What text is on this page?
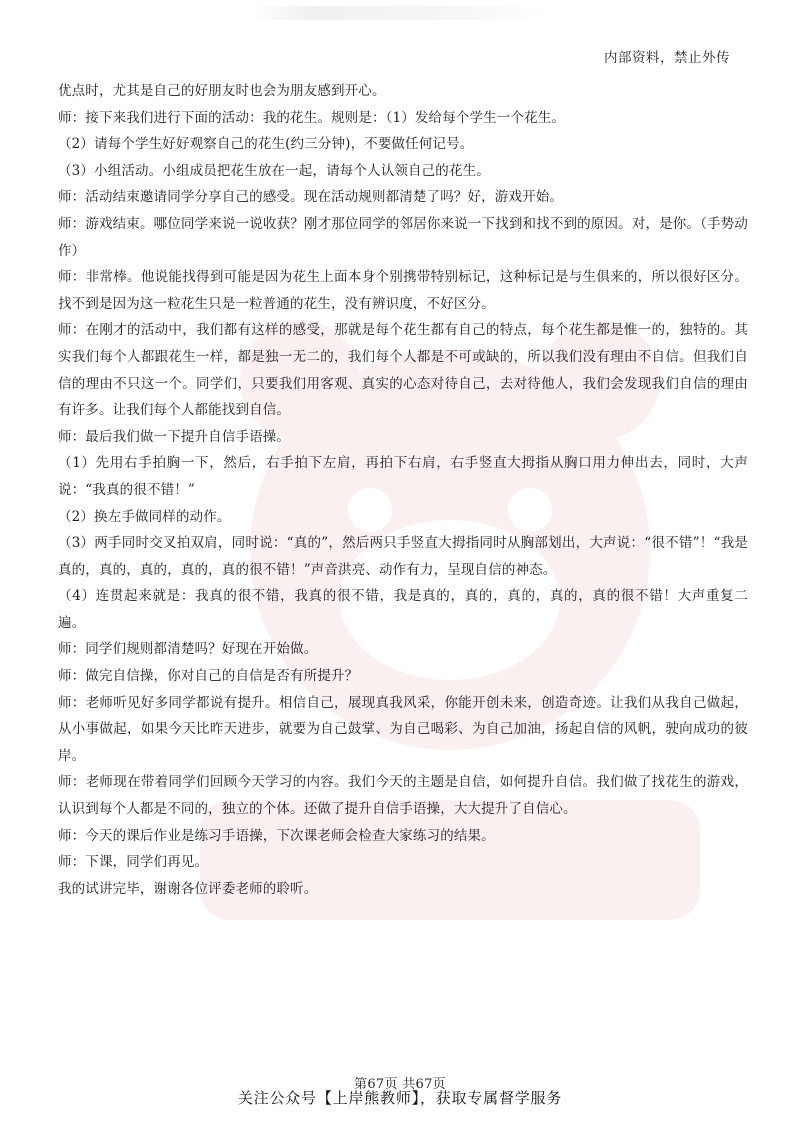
内部资料，禁止外传

优点时，尤其是自己的好朋友时也会为朋友感到开心。

师：接下来我们进行下面的活动：我的花生。规则是：（1）发给每个学生一个花生。

（2）请每个学生好好观察自己的花生(约三分钟)，不要做任何记号。

（3）小组活动。小组成员把花生放在一起，请每个人认领自己的花生。

师：活动结束邀请同学分享自己的感受。现在活动规则都清楚了吗？好，游戏开始。

师：游戏结束。哪位同学来说一说收获？刚才那位同学的邻居你来说一下找到和找不到的原因。对，是你。（手势动作）

师：非常棒。他说能找得到可能是因为花生上面本身个别携带特别标记，这种标记是与生俱来的，所以很好区分。找不到是因为这一粒花生只是一粒普通的花生，没有辨识度，不好区分。

师：在刚才的活动中，我们都有这样的感受，那就是每个花生都有自己的特点，每个花生都是惟一的，独特的。其实我们每个人都跟花生一样，都是独一无二的，我们每个人都是不可或缺的，所以我们没有理由不自信。但我们自信的理由不只这一个。同学们，只要我们用客观、真实的心态对待自己，去对待他人，我们会发现我们自信的理由有许多。让我们每个人都能找到自信。

师：最后我们做一下提升自信手语操。

（1）先用右手拍胸一下，然后，右手拍下左肩，再拍下右肩，右手竖直大拇指从胸口用力伸出去，同时，大声说：“我真的很不错！”

（2）换左手做同样的动作。

（3）两手同时交叉拍双肩，同时说：“真的”，然后两只手竖直大拇指同时从胸部划出，大声说：“很不错”！“我是真的，真的，真的，真的，真的很不错！”声音洪亮、动作有力，呈现自信的神态。

（4）连贯起来就是：我真的很不错，我真的很不错，我是真的，真的，真的，真的，真的很不错！大声重复二遍。

师：同学们规则都清楚吗？好现在开始做。

师：做完自信操，你对自己的自信是否有所提升？

师：老师听见好多同学都说有提升。相信自己，展现真我风采，你能开创未来，创造奇迹。让我们从我自己做起，从小事做起，如果今天比昨天进步，就要为自己鼓掌、为自己喝彩、为自己加油，扬起自信的风帆，驶向成功的彼岸。

师：老师现在带着同学们回顾今天学习的内容。我们今天的主题是自信，如何提升自信。我们做了找花生的游戏，认识到每个人都是不同的，独立的个体。还做了提升自信手语操，大大提升了自信心。

师：今天的课后作业是练习手语操，下次课老师会检查大家练习的结果。

师：下课，同学们再见。

我的试讲完毕，谢谢各位评委老师的聆听。

第67页 共67页
关注公众号【上岸熊教师】，获取专属督学服务
